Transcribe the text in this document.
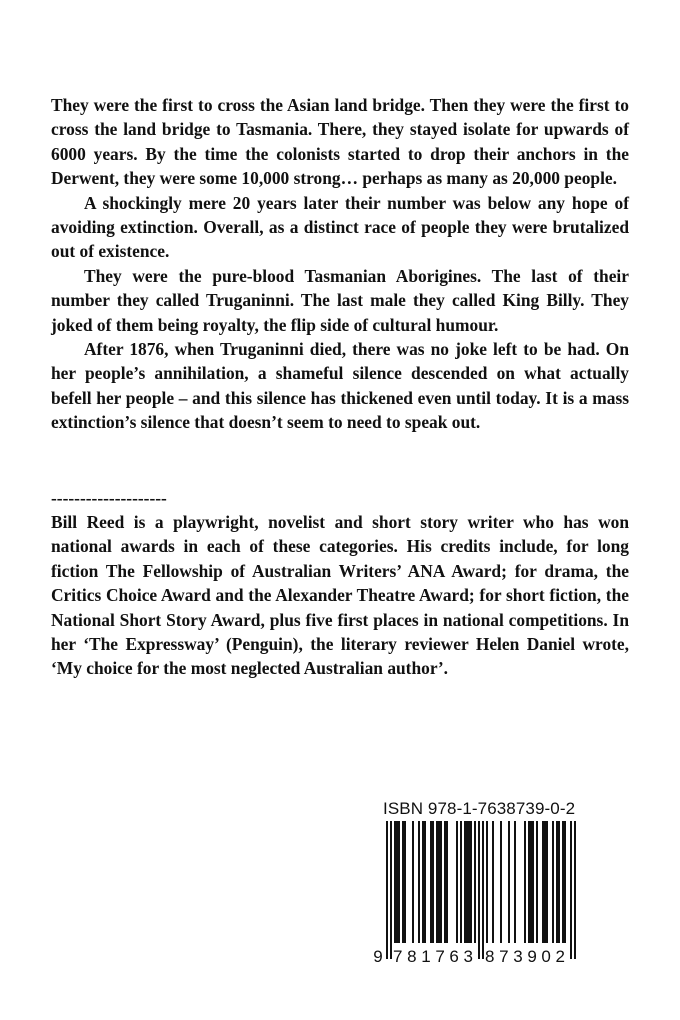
They were the first to cross the Asian land bridge. Then they were the first to cross the land bridge to Tasmania. There, they stayed isolate for upwards of 6000 years. By the time the colonists started to drop their anchors in the Derwent, they were some 10,000 strong… perhaps as many as 20,000 people.

A shockingly mere 20 years later their number was below any hope of avoiding extinction. Overall, as a distinct race of people they were brutalized out of existence.

They were the pure-blood Tasmanian Aborigines. The last of their number they called Truganinni. The last male they called King Billy. They joked of them being royalty, the flip side of cultural humour.

After 1876, when Truganinni died, there was no joke left to be had. On her people’s annihilation, a shameful silence descended on what actually befell her people – and this silence has thickened even until today. It is a mass extinction’s silence that doesn’t seem to need to speak out.

--------------------

Bill Reed is a playwright, novelist and short story writer who has won national awards in each of these categories. His credits include, for long fiction The Fellowship of Australian Writers’ ANA Award; for drama, the Critics Choice Award and the Alexander Theatre Award; for short fiction, the National Short Story Award, plus five first places in national competitions. In her ‘The Expressway’ (Penguin), the literary reviewer Helen Daniel wrote, ‘My choice for the most neglected Australian author’.

ISBN 978-1-7638739-0-2
9 781763 873902
